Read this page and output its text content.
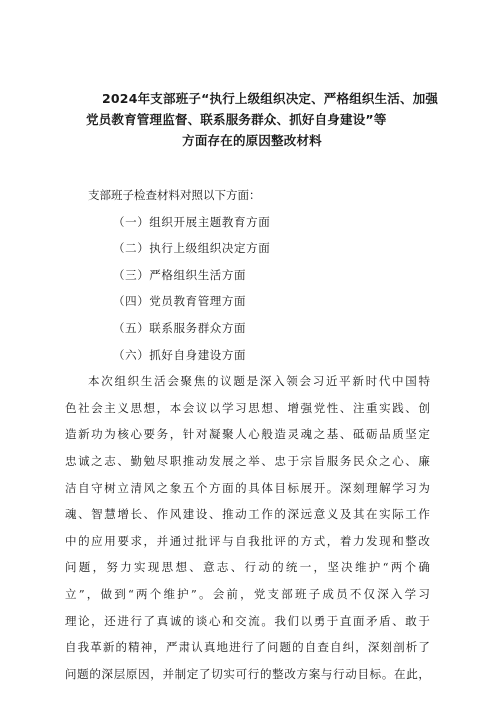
2024年支部班子“执行上级组织决定、严格组织生活、加强
党员教育管理监督、联系服务群众、抓好自身建设”等
方面存在的原因整改材料
支部班子检查材料对照以下方面：
（一）组织开展主题教育方面
（二）执行上级组织决定方面
（三）严格组织生活方面
（四）党员教育管理方面
（五）联系服务群众方面
（六）抓好自身建设方面
本次组织生活会聚焦的议题是深入领会习近平新时代中国特
色社会主义思想，本会议以学习思想、增强党性、注重实践、创
造新功为核心要务，针对凝聚人心般造灵魂之基、砥砺品质坚定
忠诚之志、勤勉尽职推动发展之举、忠于宗旨服务民众之心、廉
洁自守树立清风之象五个方面的具体目标展开。深刻理解学习为
魂、智慧增长、作风建设、推动工作的深远意义及其在实际工作
中的应用要求，并通过批评与自我批评的方式，着力发现和整改
问题，努力实现思想、意志、行动的统一，坚决维护“两个确
立”，做到“两个维护”。会前，党支部班子成员不仅深入学习
理论，还进行了真诚的谈心和交流。我们以勇于直面矛盾、敢于
自我革新的精神，严肃认真地进行了问题的自查自纠，深刻剖析了
问题的深层原因，并制定了切实可行的整改方案与行动目标。在此，
